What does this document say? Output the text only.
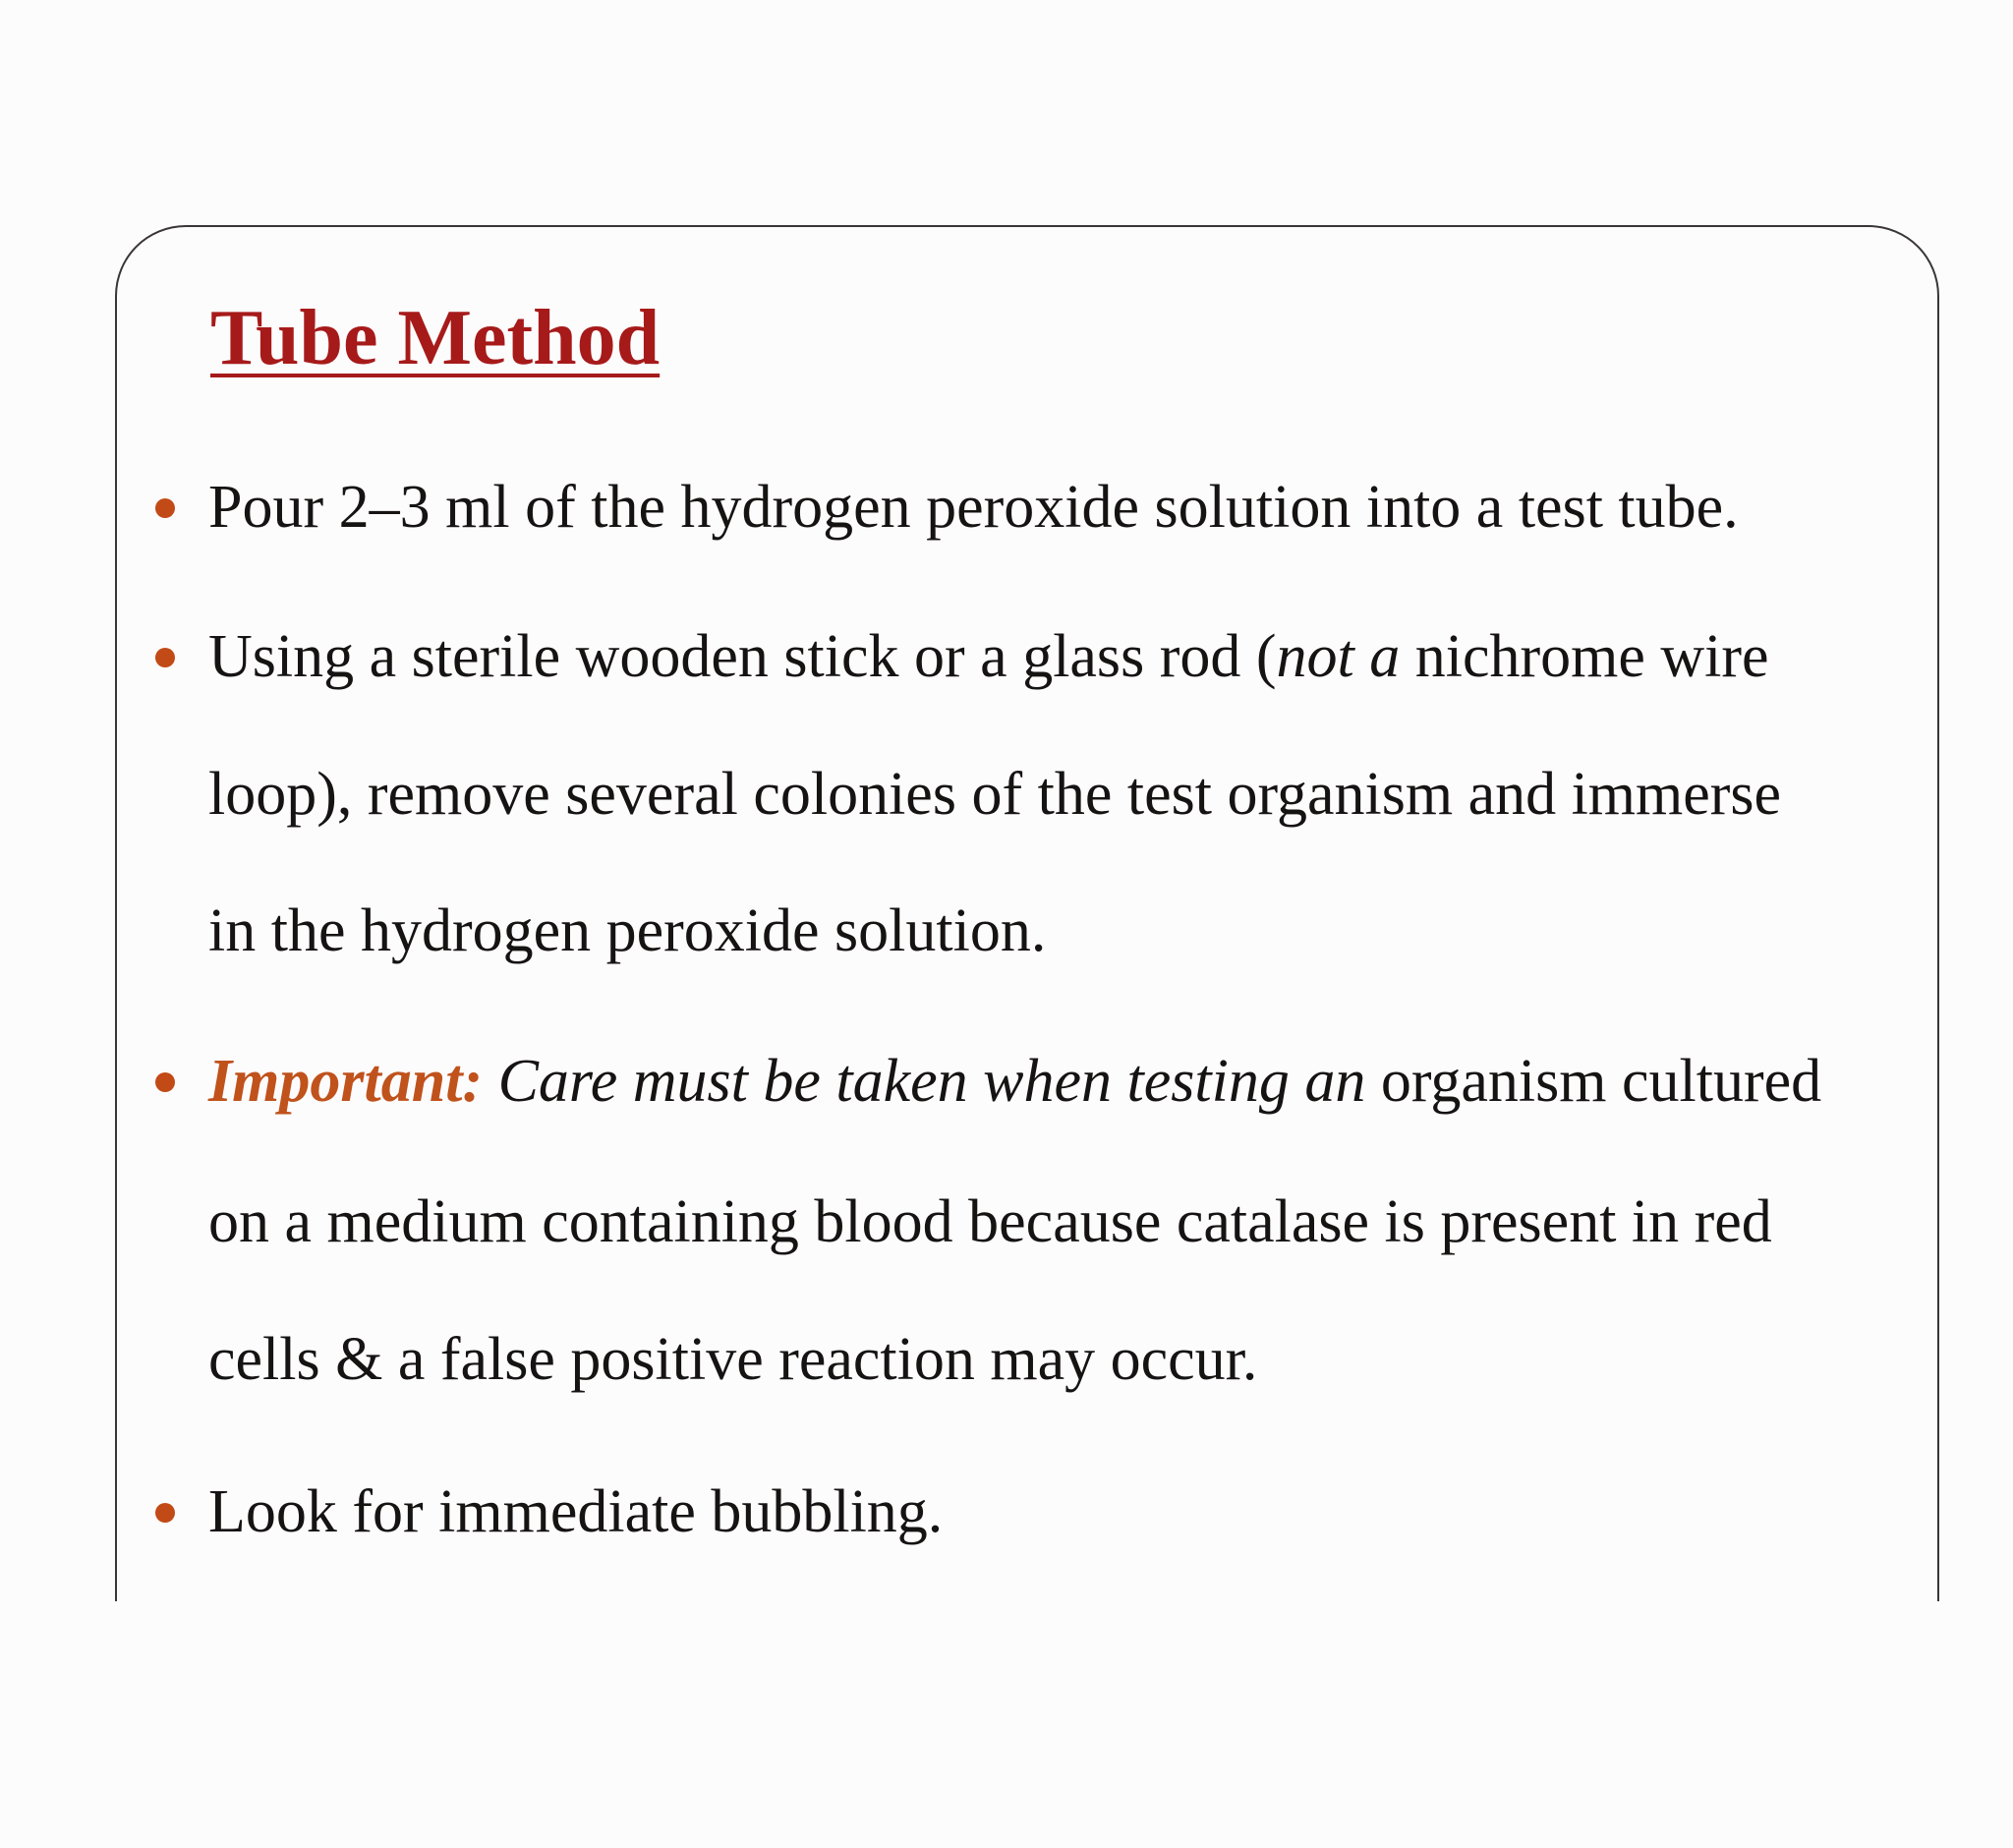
Tube Method
Pour 2–3 ml of the hydrogen peroxide solution into a test tube.
Using a sterile wooden stick or a glass rod (not a nichrome wire
loop), remove several colonies of the test organism and immerse
in the hydrogen peroxide solution.
Important: Care must be taken when testing an organism cultured
on a medium containing blood because catalase is present in red
cells & a false positive reaction may occur.
Look for immediate bubbling.
